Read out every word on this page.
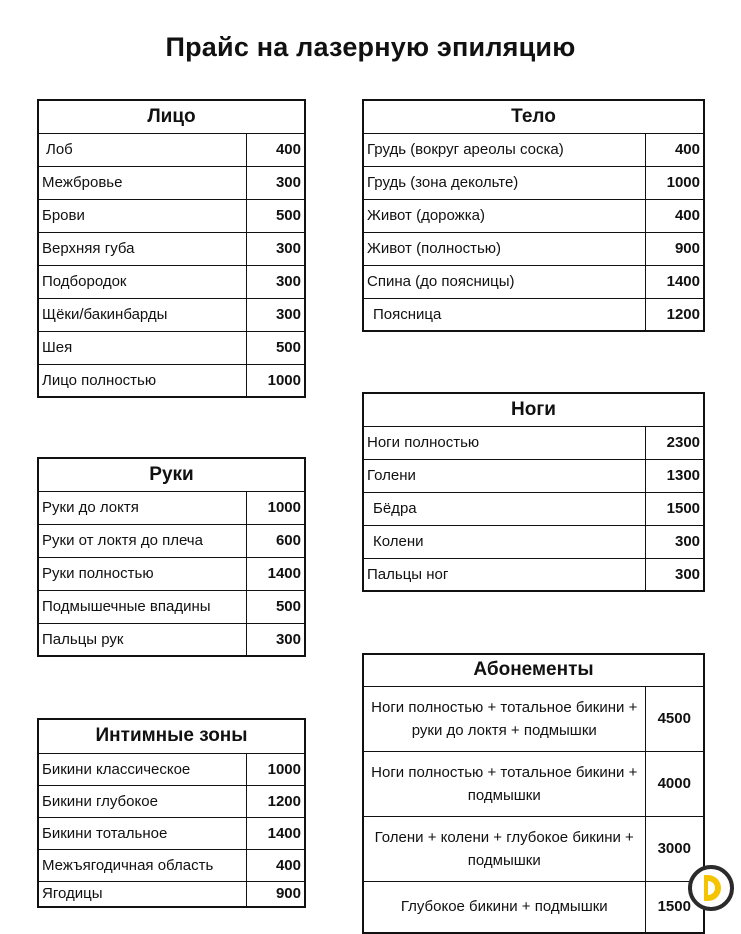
Прайс на лазерную эпиляцию
Лицо	
Лоб	400
Межбровье	300
Брови	500
Верхняя губа	300
Подбородок	300
Щёки/бакинбарды	300
Шея	500
Лицо полностью	1000
Тело	
Грудь (вокруг ареолы соска)	400
Грудь (зона декольте)	1000
Живот (дорожка)	400
Живот (полностью)	900
Спина (до поясницы)	1400
Поясница	1200
Ноги	
Ноги полностью	2300
Голени	1300
Бёдра	1500
Колени	300
Пальцы ног	300
Руки	
Руки до локтя	1000
Руки от локтя до плеча	600
Руки полностью	1400
Подмышечные впадины	500
Пальцы рук	300
Абонементы	
Ноги полностью + тотальное бикини + руки до локтя + подмышки	4500
Ноги полностью + тотальное бикини + подмышки	4000
Голени + колени + глубокое бикини + подмышки	3000
Глубокое бикини + подмышки	1500
Интимные зоны	
Бикини классическое	1000
Бикини глубокое	1200
Бикини тотальное	1400
Межъягодичная область	400
Ягодицы	900
